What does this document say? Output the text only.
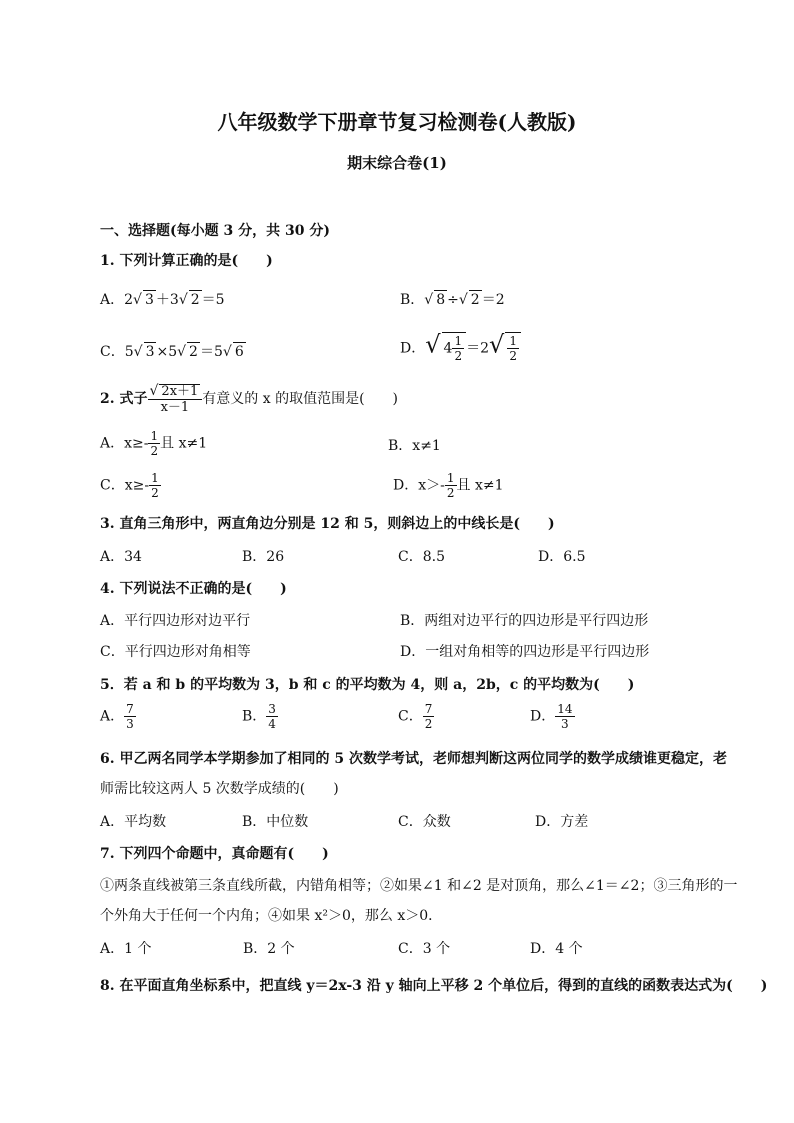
八年级数学下册章节复习检测卷(人教版)
期末综合卷(1)
一、选择题(每小题 3 分，共 30 分)
1. 下列计算正确的是(　　)
A．2√ 3 ＋3√ 2 ＝5	B．√ 8 ÷√ 2 ＝2
C．5√ 3 ×5√ 2 ＝5√ 6	D．√ $4 \frac{1}{2} =2√ \frac{1}{2}$
2. 式子 $\frac{√ 2x+1}{x-1}$ 有意义的 x 的取值范围是(　　)
A．$x\ge- \frac{1}{2}$ 且 x≠1	B．x≠1
C．$x\ge- \frac{1}{2}$	D．$x>- \frac{1}{2}$ 且 x≠1
3. 直角三角形中，两直角边分别是 12 和 5，则斜边上的中线长是(　　)
A．34	B．26	C．8.5	D．6.5
4. 下列说法不正确的是(　　)
A．平行四边形对边平行	B．两组对边平行的四边形是平行四边形
C．平行四边形对角相等	D．一组对角相等的四边形是平行四边形
5．若 a 和 b 的平均数为 3，b 和 c 的平均数为 4，则 a，2b，c 的平均数为(　　)
A． $\frac{7}{3}$	B． $\frac{3}{4}$	C． $\frac{7}{2}$	D． $\frac{14}{3}$
6. 甲乙两名同学本学期参加了相同的 5 次数学考试，老师想判断这两位同学的数学成绩谁更稳定，老
师需比较这两人 5 次数学成绩的(　　)
A．平均数	B．中位数	C．众数	D．方差
7. 下列四个命题中，真命题有(　　)
①两条直线被第三条直线所截，内错角相等；②如果∠1 和∠2 是对顶角，那么∠1＝∠2；③三角形的一
个外角大于任何一个内角；④如果 x²＞0，那么 x＞0．
A．1 个	B．2 个	C．3 个	D．4 个
8. 在平面直角坐标系中，把直线 y＝2x-3 沿 y 轴向上平移 2 个单位后，得到的直线的函数表达式为(　　)
